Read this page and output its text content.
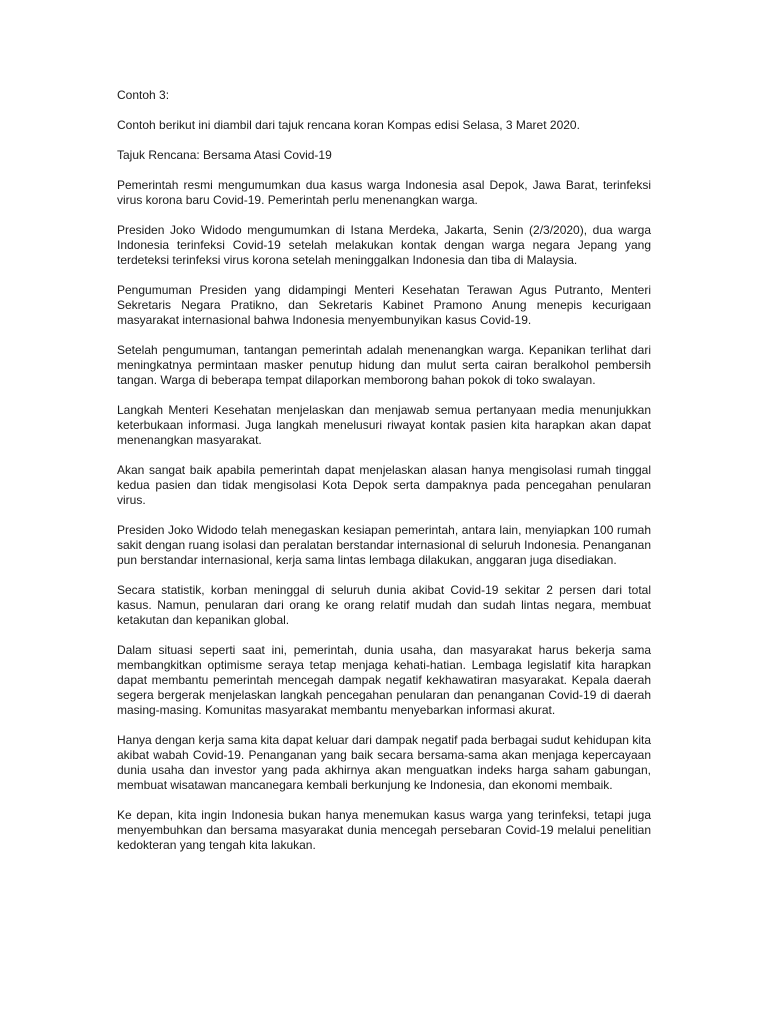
Contoh 3:

Contoh berikut ini diambil dari tajuk rencana koran Kompas edisi Selasa, 3 Maret 2020.

Tajuk Rencana: Bersama Atasi Covid-19

Pemerintah resmi mengumumkan dua kasus warga Indonesia asal Depok, Jawa Barat, terinfeksi virus korona baru Covid-19. Pemerintah perlu menenangkan warga.

Presiden Joko Widodo mengumumkan di Istana Merdeka, Jakarta, Senin (2/3/2020), dua warga Indonesia terinfeksi Covid-19 setelah melakukan kontak dengan warga negara Jepang yang terdeteksi terinfeksi virus korona setelah meninggalkan Indonesia dan tiba di Malaysia.

Pengumuman Presiden yang didampingi Menteri Kesehatan Terawan Agus Putranto, Menteri Sekretaris Negara Pratikno, dan Sekretaris Kabinet Pramono Anung menepis kecurigaan masyarakat internasional bahwa Indonesia menyembunyikan kasus Covid-19.

Setelah pengumuman, tantangan pemerintah adalah menenangkan warga. Kepanikan terlihat dari meningkatnya permintaan masker penutup hidung dan mulut serta cairan beralkohol pembersih tangan. Warga di beberapa tempat dilaporkan memborong bahan pokok di toko swalayan.

Langkah Menteri Kesehatan menjelaskan dan menjawab semua pertanyaan media menunjukkan keterbukaan informasi. Juga langkah menelusuri riwayat kontak pasien kita harapkan akan dapat menenangkan masyarakat.

Akan sangat baik apabila pemerintah dapat menjelaskan alasan hanya mengisolasi rumah tinggal kedua pasien dan tidak mengisolasi Kota Depok serta dampaknya pada pencegahan penularan virus.

Presiden Joko Widodo telah menegaskan kesiapan pemerintah, antara lain, menyiapkan 100 rumah sakit dengan ruang isolasi dan peralatan berstandar internasional di seluruh Indonesia. Penanganan pun berstandar internasional, kerja sama lintas lembaga dilakukan, anggaran juga disediakan.

Secara statistik, korban meninggal di seluruh dunia akibat Covid-19 sekitar 2 persen dari total kasus. Namun, penularan dari orang ke orang relatif mudah dan sudah lintas negara, membuat ketakutan dan kepanikan global.

Dalam situasi seperti saat ini, pemerintah, dunia usaha, dan masyarakat harus bekerja sama membangkitkan optimisme seraya tetap menjaga kehati-hatian. Lembaga legislatif kita harapkan dapat membantu pemerintah mencegah dampak negatif kekhawatiran masyarakat. Kepala daerah segera bergerak menjelaskan langkah pencegahan penularan dan penanganan Covid-19 di daerah masing-masing. Komunitas masyarakat membantu menyebarkan informasi akurat.

Hanya dengan kerja sama kita dapat keluar dari dampak negatif pada berbagai sudut kehidupan kita akibat wabah Covid-19. Penanganan yang baik secara bersama-sama akan menjaga kepercayaan dunia usaha dan investor yang pada akhirnya akan menguatkan indeks harga saham gabungan, membuat wisatawan mancanegara kembali berkunjung ke Indonesia, dan ekonomi membaik.

Ke depan, kita ingin Indonesia bukan hanya menemukan kasus warga yang terinfeksi, tetapi juga menyembuhkan dan bersama masyarakat dunia mencegah persebaran Covid-19 melalui penelitian kedokteran yang tengah kita lakukan.
